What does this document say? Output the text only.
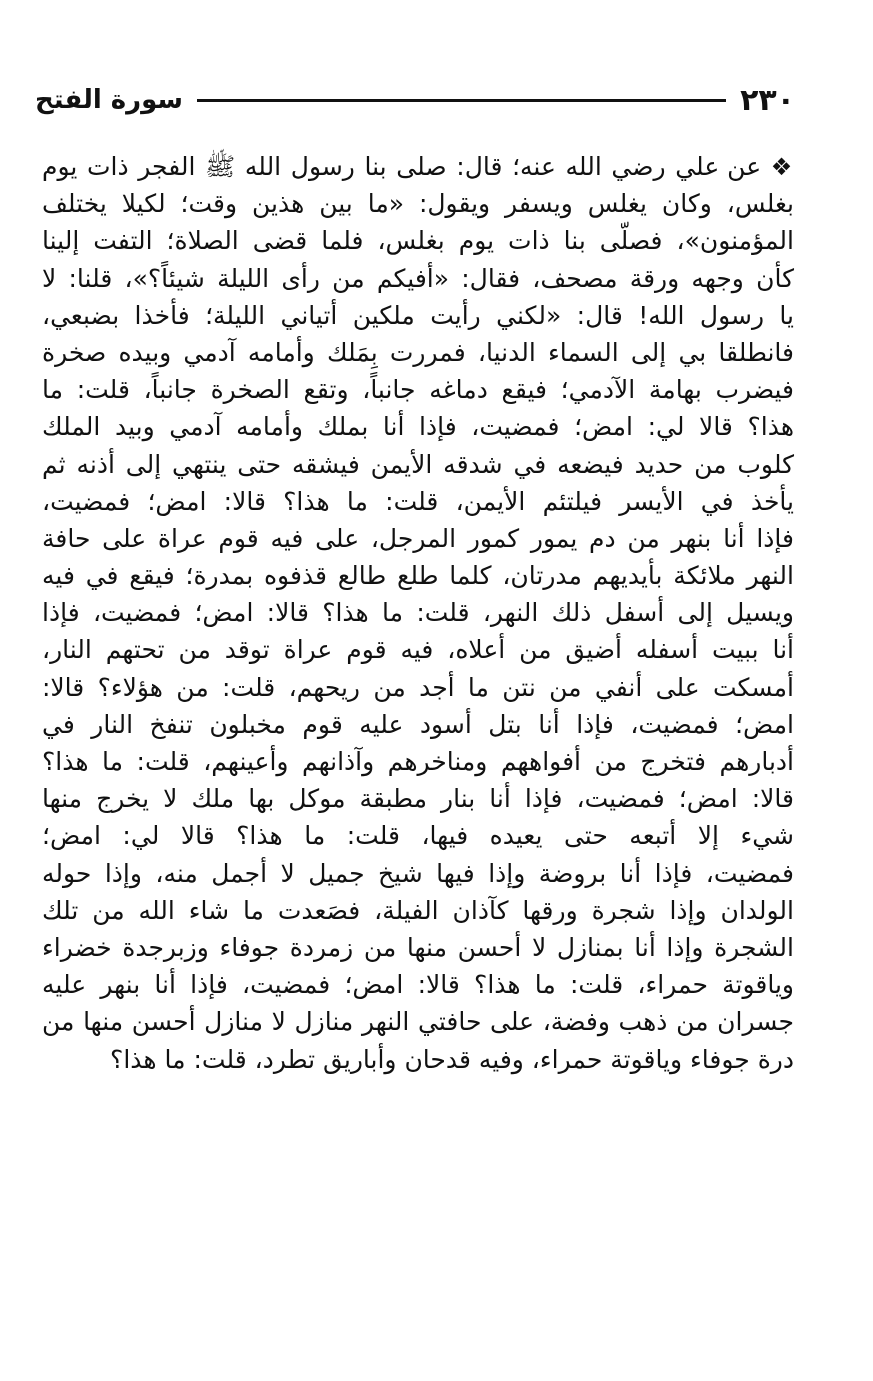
٢٣٠
سورة الفتح
❖ عن علي رضي الله عنه؛ قال: صلى بنا رسول الله ﷺ الفجر ذات يوم
بغلس، وكان يغلس ويسفر ويقول: «ما بين هذين وقت؛ لكيلا يختلف
المؤمنون»، فصلّى بنا ذات يوم بغلس، فلما قضى الصلاة؛ التفت إلينا
كأن وجهه ورقة مصحف، فقال: «أفيكم من رأى الليلة شيئاً؟»، قلنا: لا
يا رسول الله! قال: «لكني رأيت ملكين أتياني الليلة؛ فأخذا بضبعي،
فانطلقا بي إلى السماء الدنيا، فمررت بِمَلك وأمامه آدمي وبيده صخرة
فيضرب بهامة الآدمي؛ فيقع دماغه جانباً، وتقع الصخرة جانباً، قلت: ما
هذا؟ قالا لي: امض؛ فمضيت، فإذا أنا بملك وأمامه آدمي وبيد الملك
كلوب من حديد فيضعه في شدقه الأيمن فيشقه حتى ينتهي إلى أذنه ثم
يأخذ في الأيسر فيلتئم الأيمن، قلت: ما هذا؟ قالا: امض؛ فمضيت،
فإذا أنا بنهر من دم يمور كمور المرجل، على فيه قوم عراة على حافة
النهر ملائكة بأيديهم مدرتان، كلما طلع طالع قذفوه بمدرة؛ فيقع في فيه
ويسيل إلى أسفل ذلك النهر، قلت: ما هذا؟ قالا: امض؛ فمضيت، فإذا
أنا ببيت أسفله أضيق من أعلاه، فيه قوم عراة توقد من تحتهم النار،
أمسكت على أنفي من نتن ما أجد من ريحهم، قلت: من هؤلاء؟ قالا:
امض؛ فمضيت، فإذا أنا بتل أسود عليه قوم مخبلون تنفخ النار في
أدبارهم فتخرج من أفواههم ومناخرهم وآذانهم وأعينهم، قلت: ما هذا؟
قالا: امض؛ فمضيت، فإذا أنا بنار مطبقة موكل بها ملك لا يخرج منها
شيء إلا أتبعه حتى يعيده فيها، قلت: ما هذا؟ قالا لي: امض؛
فمضيت، فإذا أنا بروضة وإذا فيها شيخ جميل لا أجمل منه، وإذا حوله
الولدان وإذا شجرة ورقها كآذان الفيلة، فصَعدت ما شاء الله من تلك
الشجرة وإذا أنا بمنازل لا أحسن منها من زمردة جوفاء وزبرجدة خضراء
وياقوتة حمراء، قلت: ما هذا؟ قالا: امض؛ فمضيت، فإذا أنا بنهر عليه
جسران من ذهب وفضة، على حافتي النهر منازل لا منازل أحسن منها من
درة جوفاء وياقوتة حمراء، وفيه قدحان وأباريق تطرد، قلت: ما هذا؟
